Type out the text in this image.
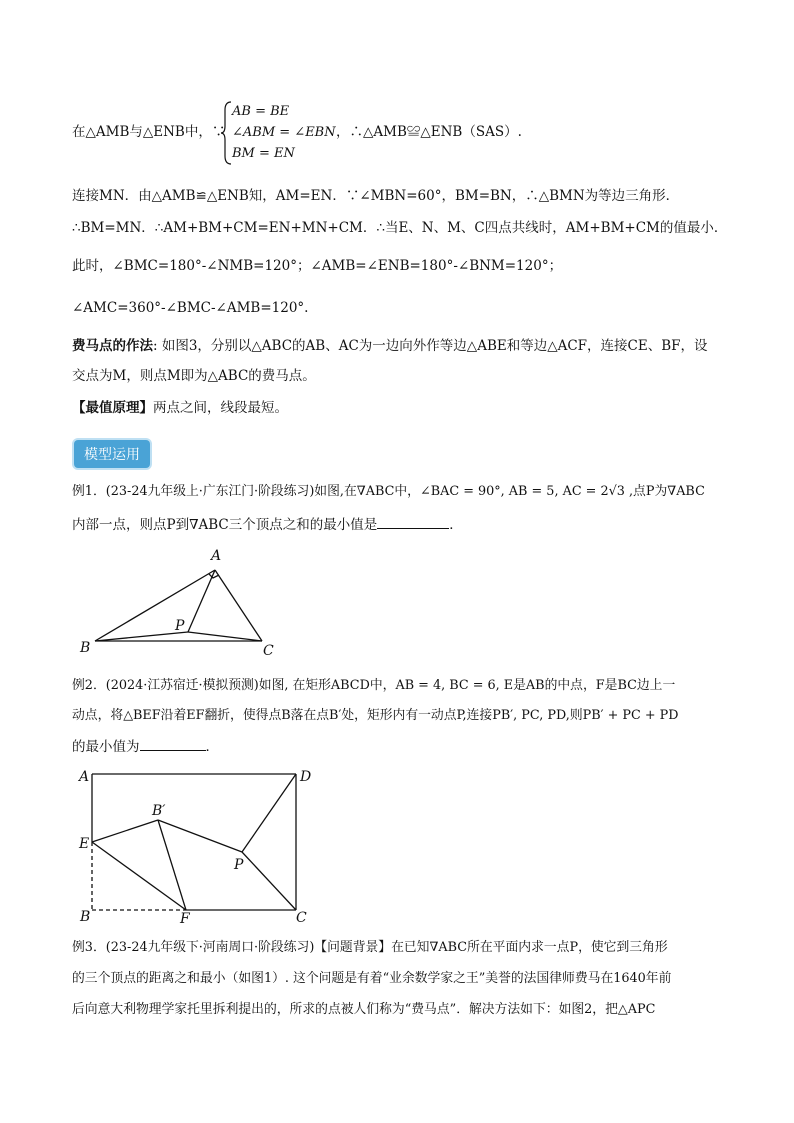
在△AMB与△ENB中，∵
AB = BE
∠ABM = ∠EBN
BM = EN
，∴△AMB≌△ENB（SAS）.
连接MN．由△AMB≌△ENB知，AM=EN．∵∠MBN=60°，BM=BN，∴△BMN为等边三角形．
∴BM=MN．∴AM+BM+CM=EN+MN+CM．∴当E、N、M、C四点共线时，AM+BM+CM的值最小．
此时，∠BMC=180°-∠NMB=120°；∠AMB=∠ENB=180°-∠BNM=120°；
∠AMC=360°-∠BMC-∠AMB=120°.
费马点的作法: 如图3，分别以△ABC的AB、AC为一边向外作等边△ABE和等边△ACF，连接CE、BF，设
交点为M，则点M即为△ABC的费马点。
【最值原理】两点之间，线段最短。
模型运用
例1．(23-24九年级上·广东江门·阶段练习)如图,在∇ABC中，∠BAC = 90°, AB = 5, AC = 2√3 ,点P为∇ABC
内部一点，则点P到∇ABC三个顶点之和的最小值是	．
A
B	C
P
例2．(2024·江苏宿迁·模拟预测)如图, 在矩形ABCD中，AB = 4, BC = 6, E是AB的中点，F是BC边上一
动点，将△BEF沿着EF翻折，使得点B落在点B′处，矩形内有一动点P,连接PB′, PC, PD,则PB′ + PC + PD
的最小值为	．
A
B	C
D
E
F
P
B′
例3．(23-24九年级下·河南周口·阶段练习)【问题背景】在已知∇ABC所在平面内求一点P，使它到三角形
的三个顶点的距离之和最小（如图1）. 这个问题是有着“业余数学家之王”美誉的法国律师费马在1640年前
后向意大利物理学家托里拆利提出的，所求的点被人们称为“费马点”．解决方法如下：如图2，把△APC
